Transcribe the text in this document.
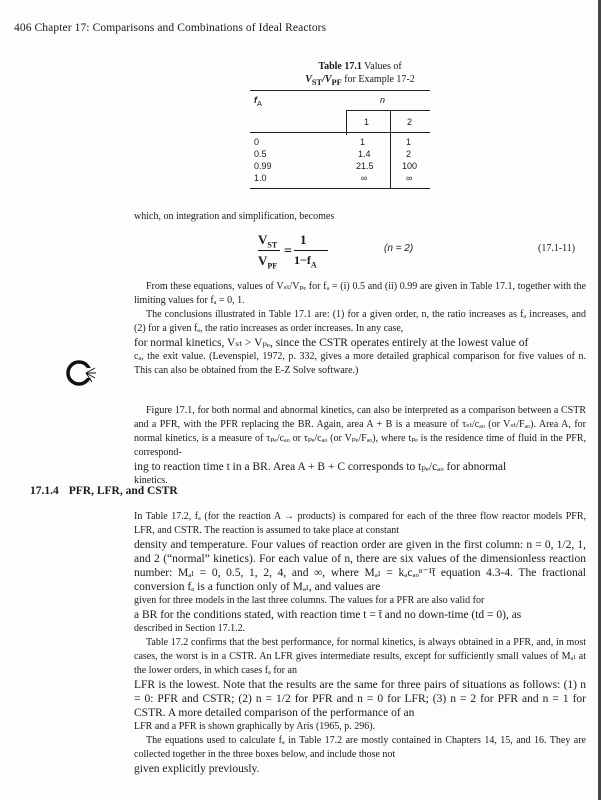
406 Chapter 17: Comparisons and Combinations of Ideal Reactors
Table 17.1 Values of
$V_{ST}/V_{PF}$ for Example 17-2
$f_A$	n
1	2
0	1	1
0.5	1.4	2
0.99	21.5	100
1.0	∞	∞
which, on integration and simplification, becomes
$V_{ST}$
$V_{PF}$
=
1
$1-f_A$
(n = 2)	(17.1-11)

From these equations, values of Vₛₜ/Vₚₑ for fₐ = (i) 0.5 and (ii) 0.99 are given in Table 17.1, together with the limiting values for fₐ = 0, 1.

The conclusions illustrated in Table 17.1 are: (1) for a given order, n, the ratio increases as fₐ increases, and (2) for a given fₐ, the ratio increases as order increases. In any case,

for normal kinetics, Vₛₜ > Vₚₑ, since the CSTR operates entirely at the lowest value of

cₐ, the exit value. (Levenspiel, 1972, p. 332, gives a more detailed graphical comparison for five values of n. This can also be obtained from the E-Z Solve software.)

Figure 17.1, for both normal and abnormal kinetics, can also be interpreted as a comparison between a CSTR and a PFR, with the PFR replacing the BR. Again, area A + B is a measure of τₛₜ/cₐₒ (or Vₛₜ/Fₐₒ). Area A, for normal kinetics, is a measure of τₚₑ/cₐₒ or τₚₑ/cₐₒ (or Vₚₑ/Fₐₒ), where tₚₑ is the residence time of fluid in the PFR, correspond-

ing to reaction time t in a BR. Area A + B + C corresponds to tₚₑ/cₐₒ for abnormal

kinetics.

17.1.4 PFR, LFR, and CSTR

In Table 17.2, fₐ (for the reaction A → products) is compared for each of the three flow reactor models PFR, LFR, and CSTR. The reaction is assumed to take place at constant

density and temperature. Four values of reaction order are given in the first column: n = 0, 1/2, 1, and 2 (“normal” kinetics). For each value of n, there are six values of the dimensionless reaction number: Mₐₗ = 0, 0.5, 1, 2, 4, and ∞, where Mₐₗ = kₐcₐₒⁿ⁻¹t̄ equation 4.3-4. The fractional conversion fₐ is a function only of Mₐₗ, and values are

given for three models in the last three columns. The values for a PFR are also valid for

a BR for the conditions stated, with reaction time t = t̄ and no down-time (td = 0), as

described in Section 17.1.2.

Table 17.2 confirms that the best performance, for normal kinetics, is always obtained in a PFR, and, in most cases, the worst is in a CSTR. An LFR gives intermediate results, except for sufficiently small values of Mₐₗ at the lower orders, in which cases fₐ for an

LFR is the lowest. Note that the results are the same for three pairs of situations as follows: (1) n = 0: PFR and CSTR; (2) n = 1/2 for PFR and n = 0 for LFR; (3) n = 2 for PFR and n = 1 for CSTR. A more detailed comparison of the performance of an

LFR and a PFR is shown graphically by Aris (1965, p. 296).

The equations used to calculate fₐ in Table 17.2 are mostly contained in Chapters 14, 15, and 16. They are collected together in the three boxes below, and include those not

given explicitly previously.
